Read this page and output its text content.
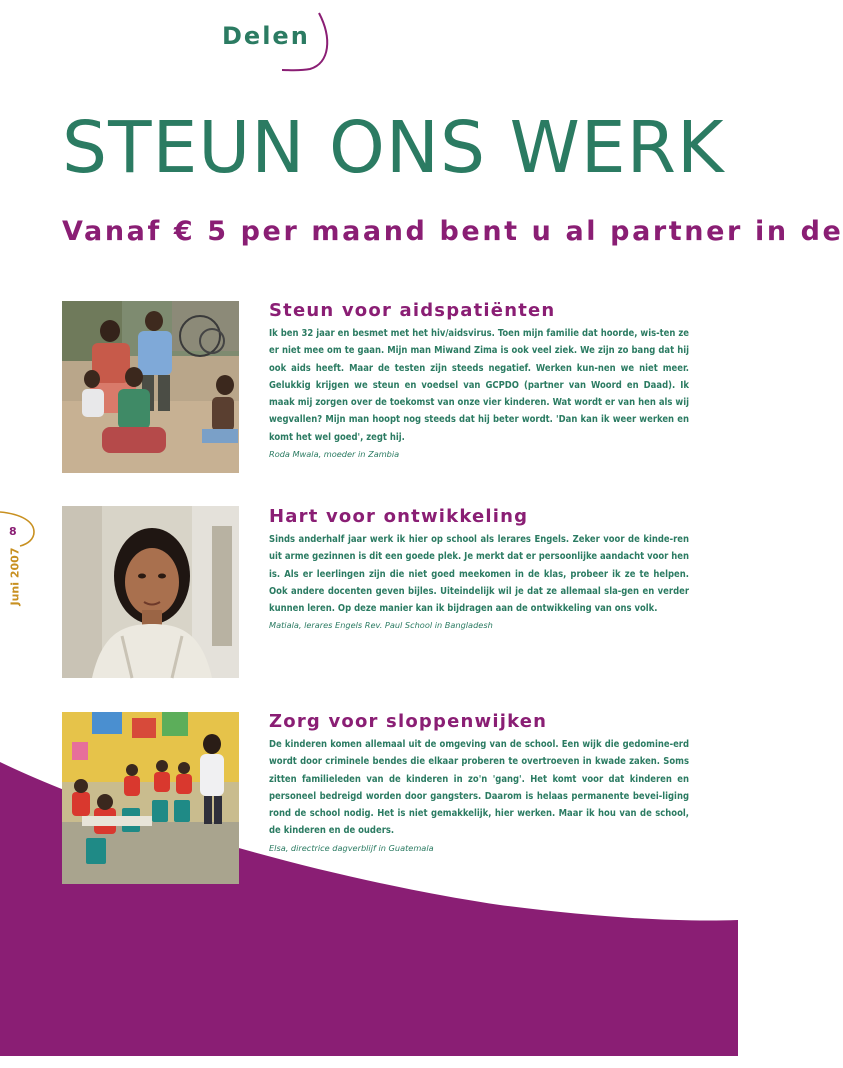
Delen
STEUN ONS WERK
Vanaf € 5 per maand bent u al partner in de
8
Juni 2007
Steun voor aidspatiënten

Ik ben 32 jaar en besmet met het hiv/aidsvirus. Toen mijn familie dat hoorde, wis-ten ze er niet mee om te gaan. Mijn man Miwand Zima is ook veel ziek. We zijn zo bang dat hij ook aids heeft. Maar de testen zijn steeds negatief. Werken kun-nen we niet meer. Gelukkig krijgen we steun en voedsel van GCPDO (partner van Woord en Daad). Ik maak mij zorgen over de toekomst van onze vier kinderen. Wat wordt er van hen als wij wegvallen? Mijn man hoopt nog steeds dat hij beter wordt. 'Dan kan ik weer werken en komt het wel goed', zegt hij.

Roda Mwala, moeder in Zambia

Hart voor ontwikkeling

Sinds anderhalf jaar werk ik hier op school als lerares Engels. Zeker voor de kinde-ren uit arme gezinnen is dit een goede plek. Je merkt dat er persoonlijke aandacht voor hen is. Als er leerlingen zijn die niet goed meekomen in de klas, probeer ik ze te helpen. Ook andere docenten geven bijles. Uiteindelijk wil je dat ze allemaal sla-gen en verder kunnen leren. Op deze manier kan ik bijdragen aan de ontwikkeling van ons volk.

Matiala, lerares Engels Rev. Paul School in Bangladesh

Zorg voor sloppenwijken

De kinderen komen allemaal uit de omgeving van de school. Een wijk die gedomine-erd wordt door criminele bendes die elkaar proberen te overtroeven in kwade zaken. Soms zitten familieleden van de kinderen in zo'n 'gang'. Het komt voor dat kinderen en personeel bedreigd worden door gangsters. Daarom is helaas permanente bevei-liging rond de school nodig. Het is niet gemakkelijk, hier werken. Maar ik hou van de school, de kinderen en de ouders.

Elsa, directrice dagverblijf in Guatemala
